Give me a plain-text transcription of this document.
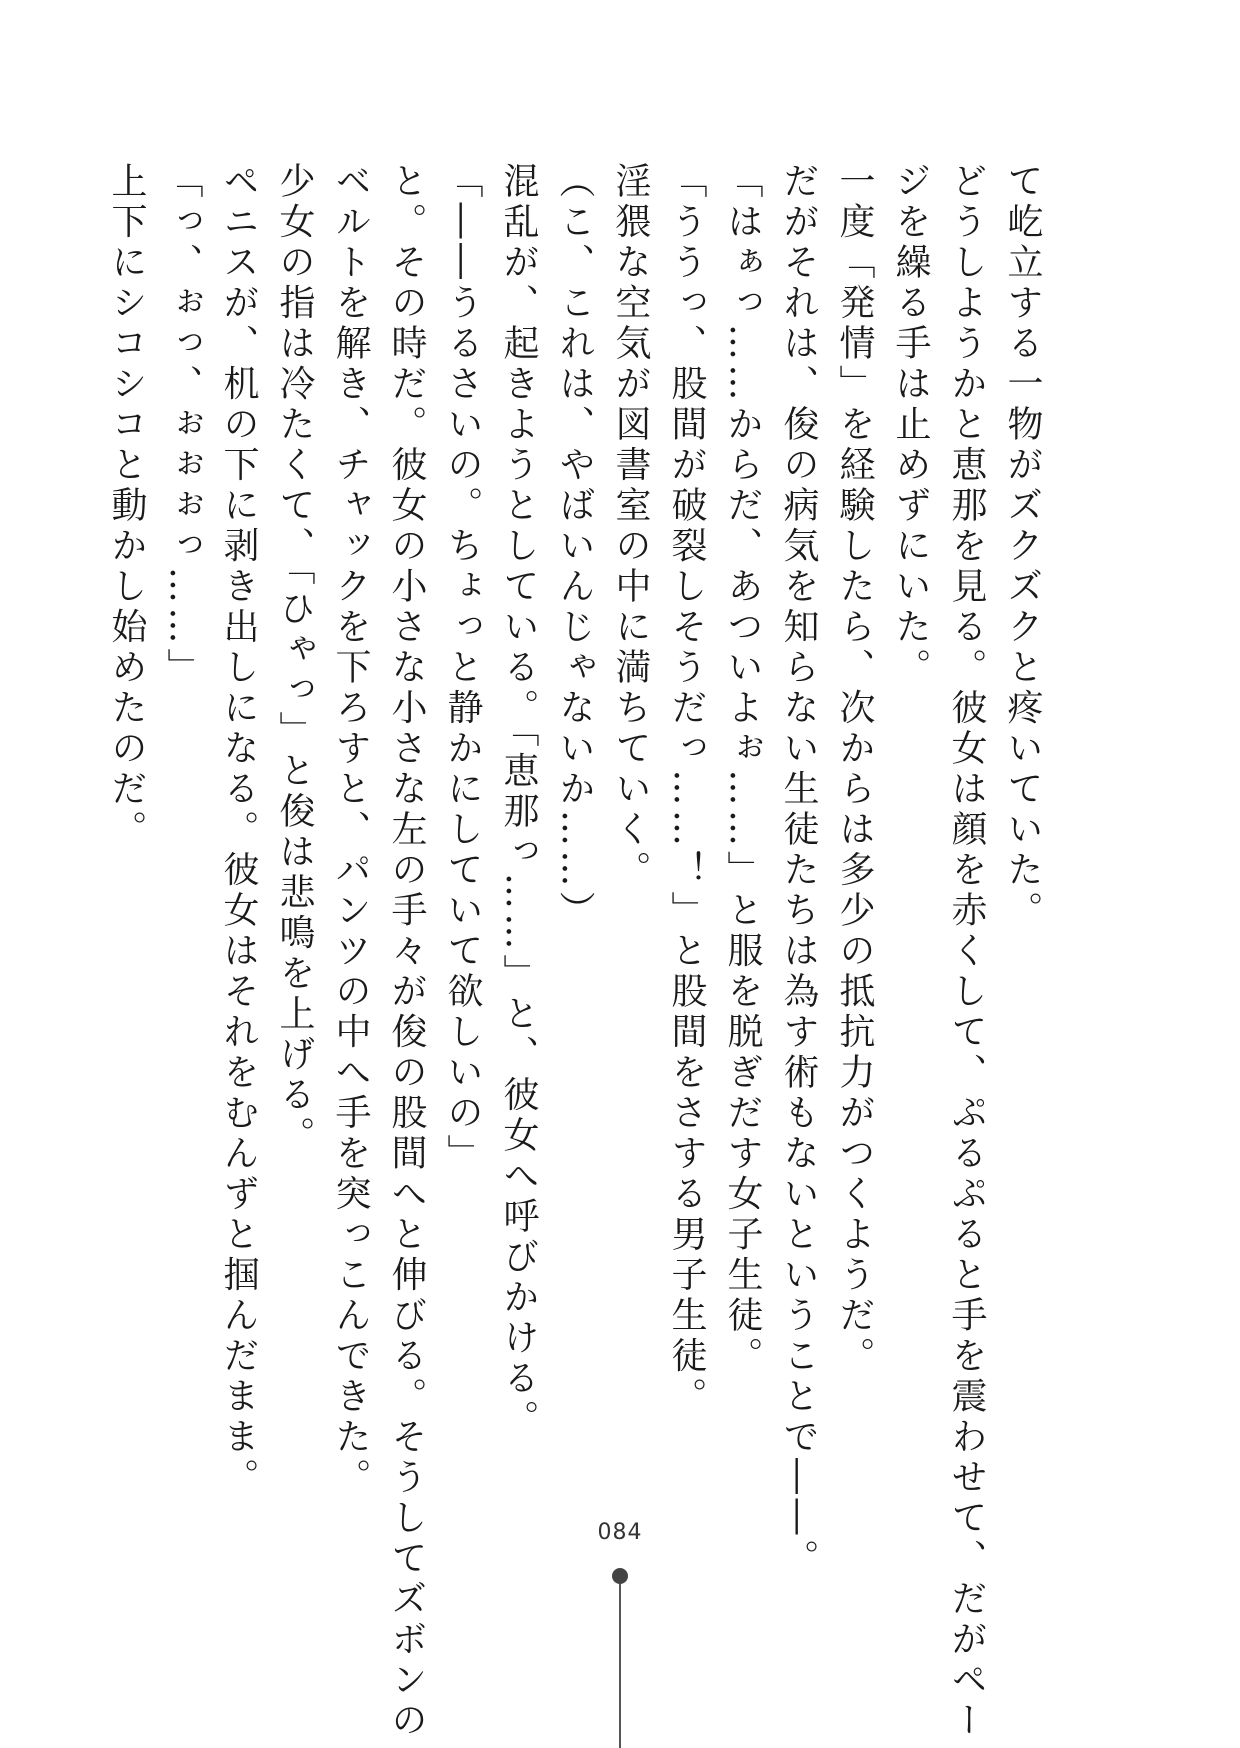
て屹立する一物がズクズクと疼いていた。
どうしようかと恵那を見る。彼女は顔を赤くして、ぷるぷると手を震わせて、だがペー
ジを繰る手は止めずにいた。
一度「発情」を経験したら、次からは多少の抵抗力がつくようだ。
だがそれは、俊の病気を知らない生徒たちは為す術もないということで――。
「はぁっ……からだ、あついよぉ……」と服を脱ぎだす女子生徒。
「ううっ、股間が破裂しそうだっ……！」と股間をさする男子生徒。
淫猥な空気が図書室の中に満ちていく。
（こ、これは、やばいんじゃないか……）
混乱が、起きようとしている。「恵那っ……」と、彼女へ呼びかける。
「――うるさいの。ちょっと静かにしていて欲しいの」
と。その時だ。彼女の小さな小さな左の手々が俊の股間へと伸びる。そうしてズボンの
ベルトを解き、チャックを下ろすと、パンツの中へ手を突っこんできた。
少女の指は冷たくて、「ひゃっ」と俊は悲鳴を上げる。
ペニスが、机の下に剥き出しになる。彼女はそれをむんずと掴んだまま。
「っ、ぉっ、ぉぉぉっ……」
上下にシコシコと動かし始めたのだ。
084
